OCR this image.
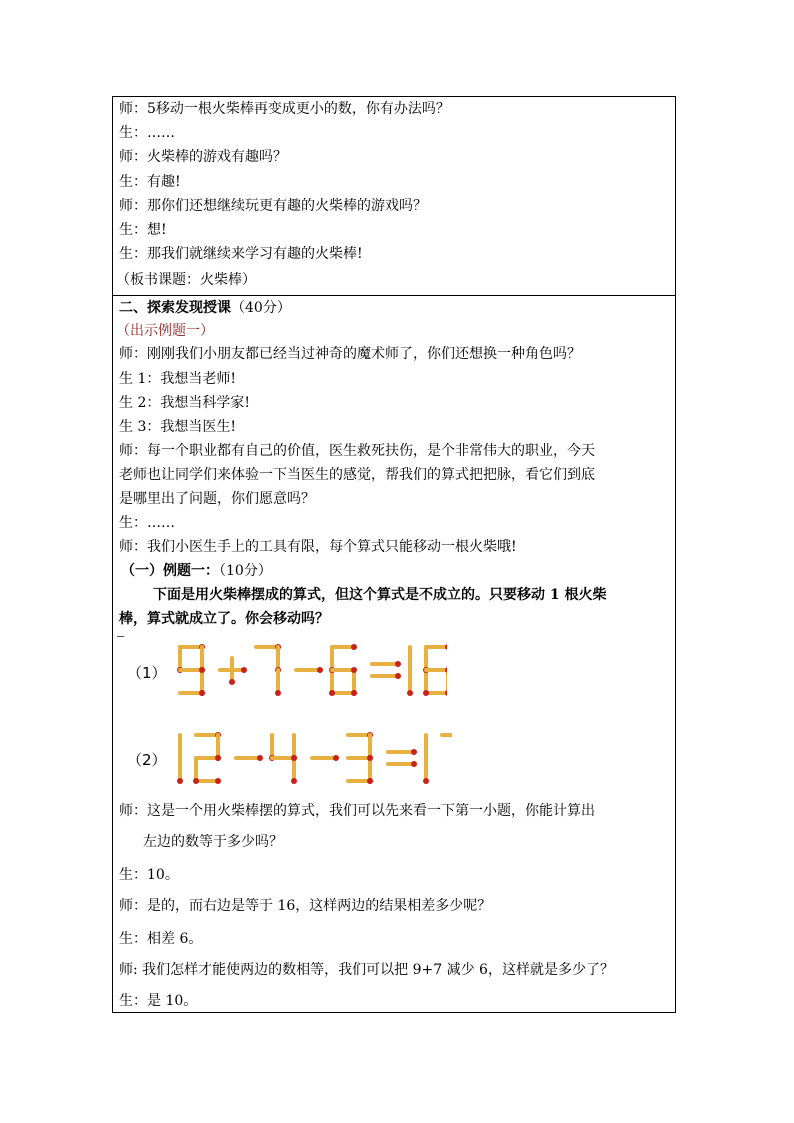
师：5移动一根火柴棒再变成更小的数，你有办法吗？
生：……
师：火柴棒的游戏有趣吗？
生：有趣!
师：那你们还想继续玩更有趣的火柴棒的游戏吗？
生：想!
生：那我们就继续来学习有趣的火柴棒!
（板书课题：火柴棒）
二、探索发现授课（40分）
（出示例题一）
师：刚刚我们小朋友都已经当过神奇的魔术师了，你们还想换一种角色吗？
生 1：我想当老师!
生 2：我想当科学家!
生 3：我想当医生!
师：每一个职业都有自己的价值，医生救死扶伤，是个非常伟大的职业，今天
老师也让同学们来体验一下当医生的感觉，帮我们的算式把把脉，看它们到底
是哪里出了问题，你们愿意吗？
生：……
师：我们小医生手上的工具有限，每个算式只能移动一根火柴哦!
（一）例题一：（10分）
下面是用火柴棒摆成的算式，但这个算式是不成立的。只要移动 1 根火柴
棒，算式就成立了。你会移动吗？
（1）
（2）
师：这是一个用火柴棒摆的算式，我们可以先来看一下第一小题，你能计算出
左边的数等于多少吗？
生：10。
师：是的，而右边是等于 16，这样两边的结果相差多少呢？
生：相差 6。
师: 我们怎样才能使两边的数相等，我们可以把 9+7 减少 6，这样就是多少了？
生：是 10。
